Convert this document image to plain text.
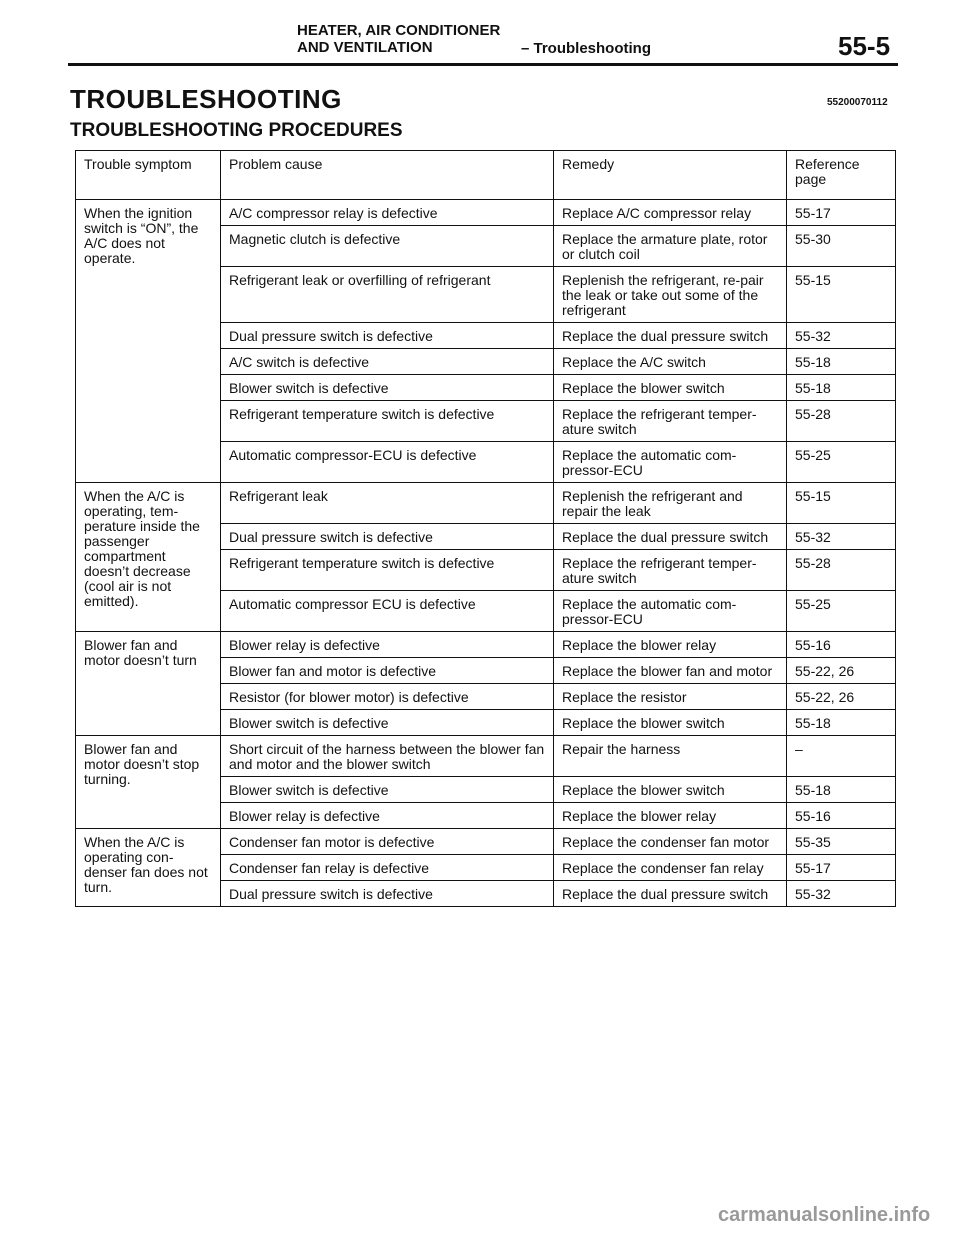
HEATER, AIR CONDITIONER
AND VENTILATION	– Troubleshooting	55-5
TROUBLESHOOTING	55200070112
TROUBLESHOOTING PROCEDURES
Trouble symptom	Problem cause	Remedy	Reference page
When the ignition switch is “ON”, the A/C does not operate.	A/C compressor relay is defective	Replace A/C compressor relay	55-17
	Magnetic clutch is defective	Replace the armature plate, rotor or clutch coil	55-30
	Refrigerant leak or overfilling of refrigerant	Replenish the refrigerant, re-pair the leak or take out some of the refrigerant	55-15
	Dual pressure switch is defective	Replace the dual pressure switch	55-32
	A/C switch is defective	Replace the A/C switch	55-18
	Blower switch is defective	Replace the blower switch	55-18
	Refrigerant temperature switch is defective	Replace the refrigerant temper-ature switch	55-28
	Automatic compressor-ECU is defective	Replace the automatic com-pressor-ECU	55-25
When the A/C is operating, tem-perature inside the passenger compartment doesn’t decrease (cool air is not emitted).	Refrigerant leak	Replenish the refrigerant and repair the leak	55-15
	Dual pressure switch is defective	Replace the dual pressure switch	55-32
	Refrigerant temperature switch is defective	Replace the refrigerant temper-ature switch	55-28
	Automatic compressor ECU is defective	Replace the automatic com-pressor-ECU	55-25
Blower fan and motor doesn’t turn	Blower relay is defective	Replace the blower relay	55-16
	Blower fan and motor is defective	Replace the blower fan and motor	55-22, 26
	Resistor (for blower motor) is defective	Replace the resistor	55-22, 26
	Blower switch is defective	Replace the blower switch	55-18
Blower fan and motor doesn’t stop turning.	Short circuit of the harness between the blower fan and motor and the blower switch	Repair the harness	–
	Blower switch is defective	Replace the blower switch	55-18
	Blower relay is defective	Replace the blower relay	55-16
When the A/C is operating con-denser fan does not turn.	Condenser fan motor is defective	Replace the condenser fan motor	55-35
	Condenser fan relay is defective	Replace the condenser fan relay	55-17
	Dual pressure switch is defective	Replace the dual pressure switch	55-32
carmanualsonline.info
